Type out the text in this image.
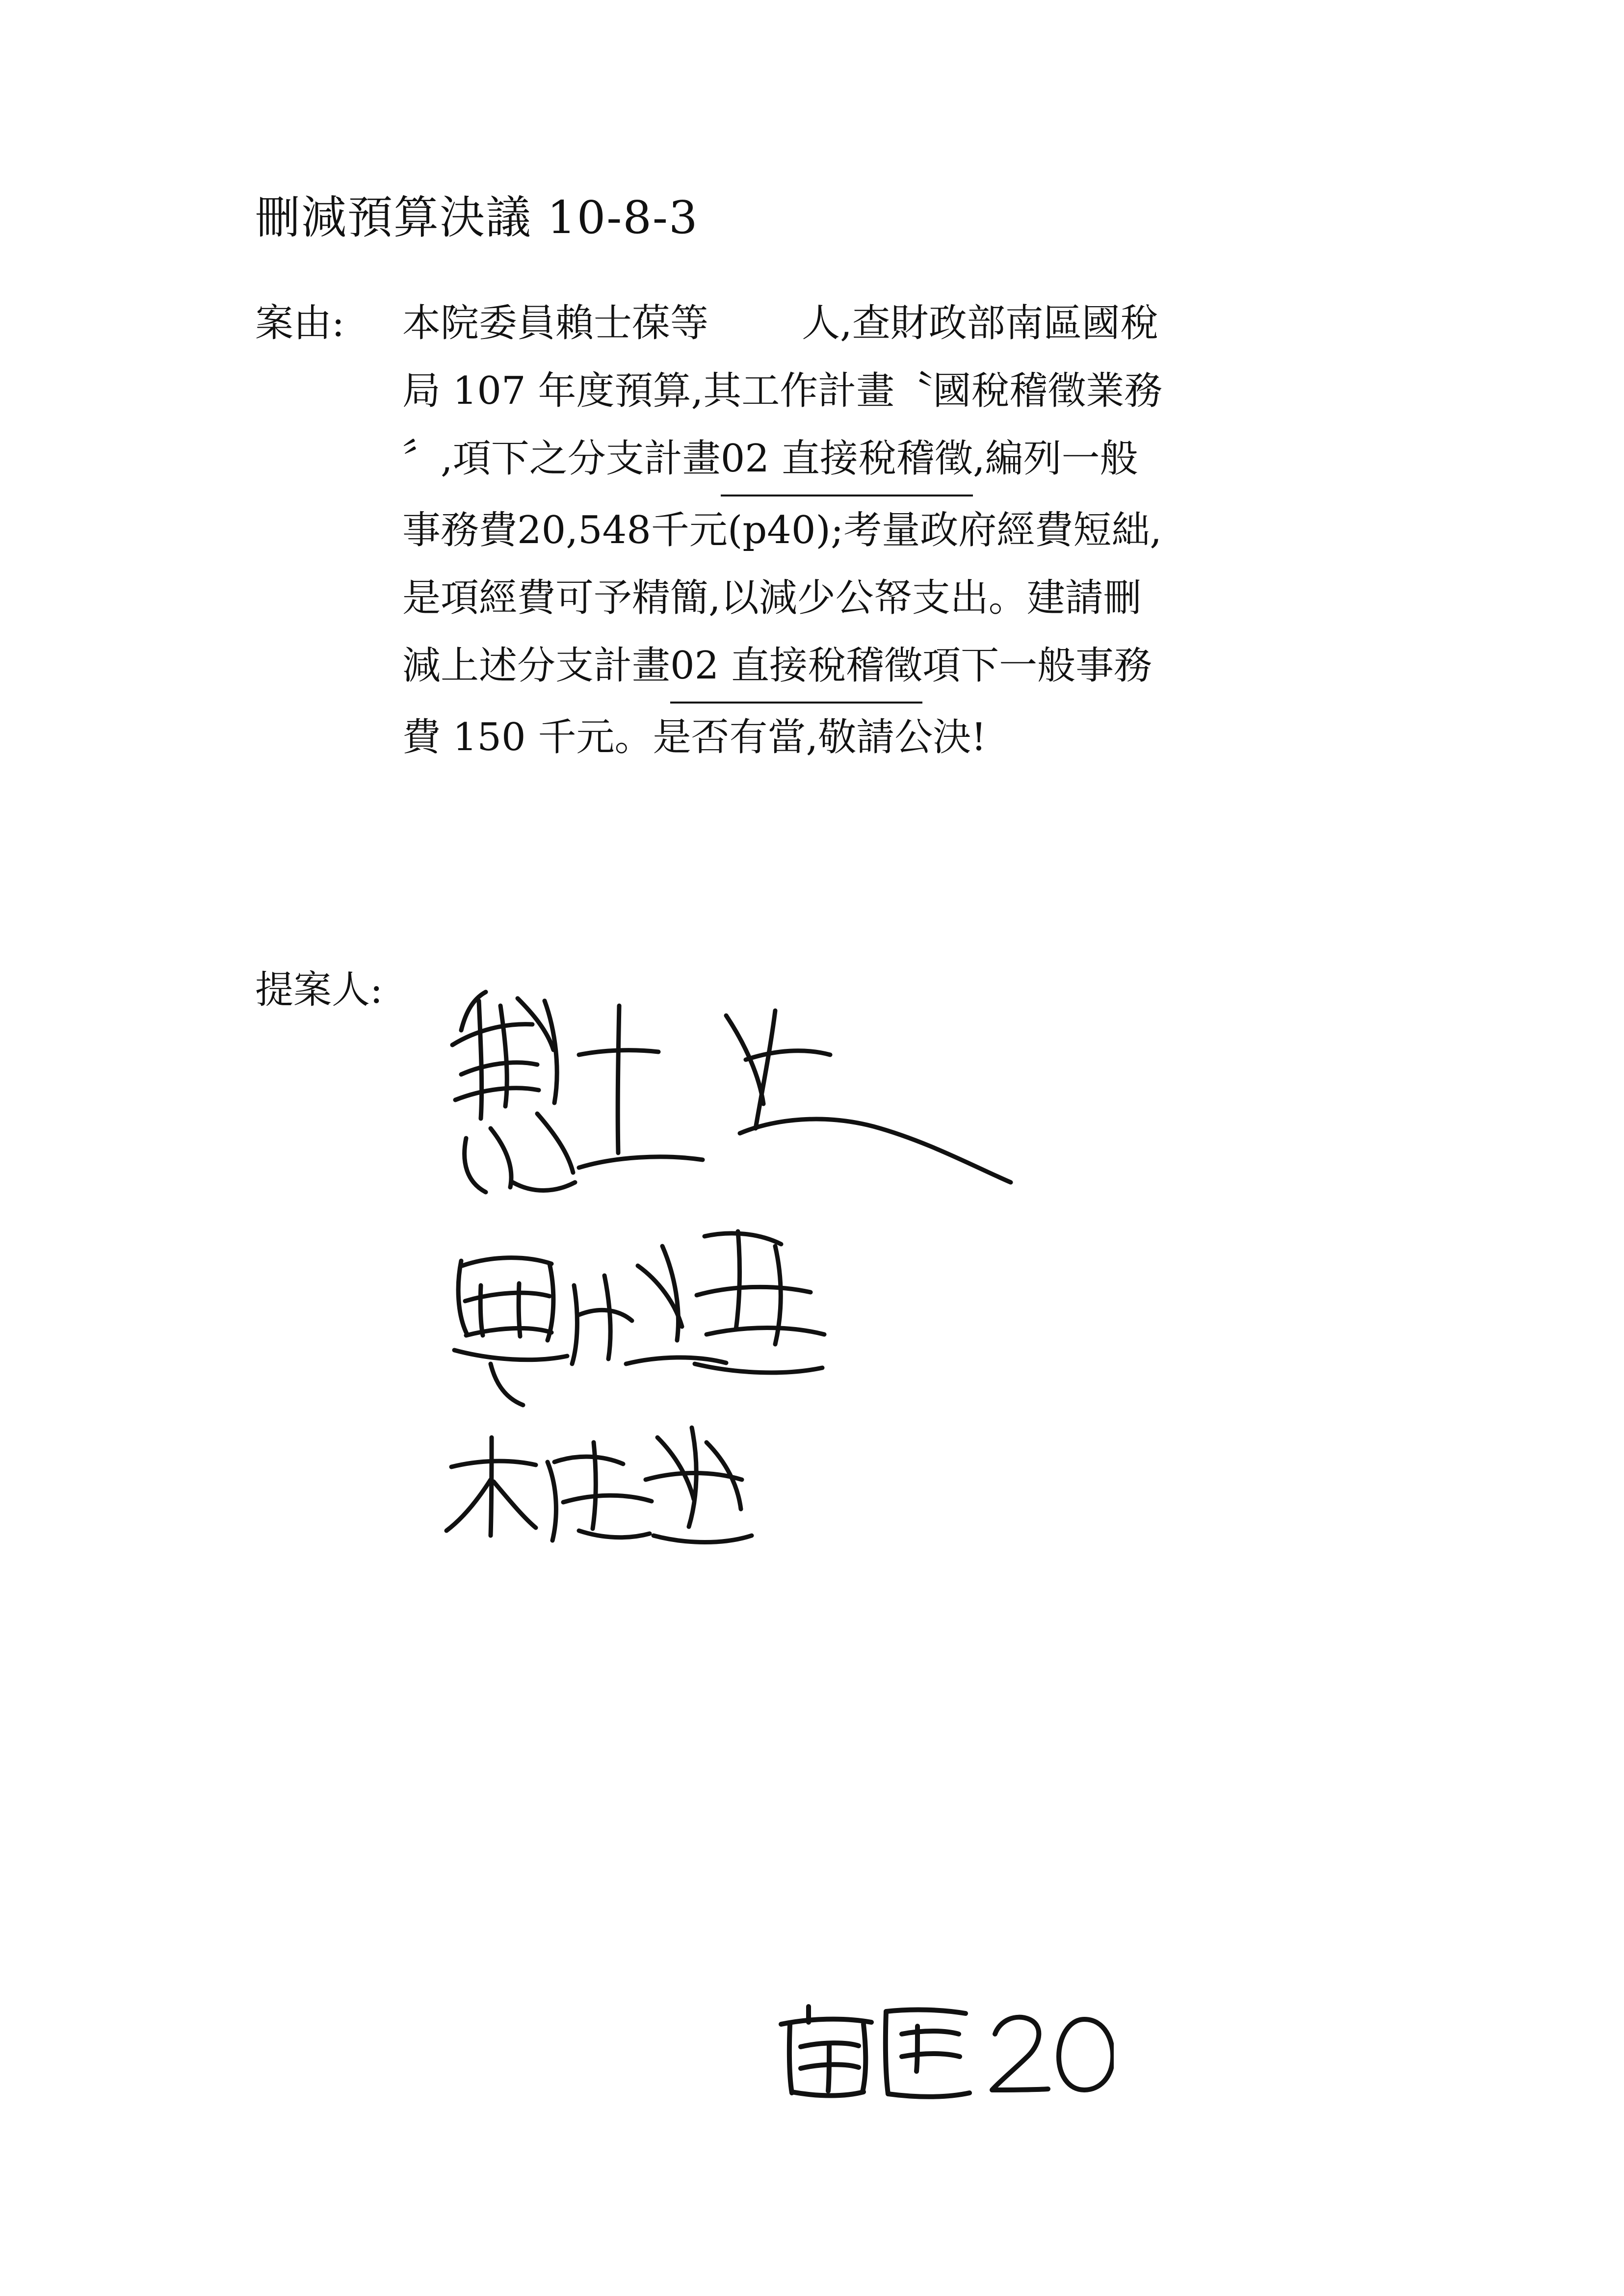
刪減預算決議 10-8-3
案由:	本院委員賴士葆等 人,查財政部南區國稅
局 107 年度預算,其工作計畫〝國稅稽徵業務
〞,項下之分支計畫 02 直接稅稽徵 ,編列一般
事務費20,548千元(p40);考量政府經費短絀,
是項經費可予精簡,以減少公帑支出。建請刪
減上述分支計畫 02 直接稅稽徵 項下一般事務
費 150 千元。是否有當,敬請公決!
提案人:
